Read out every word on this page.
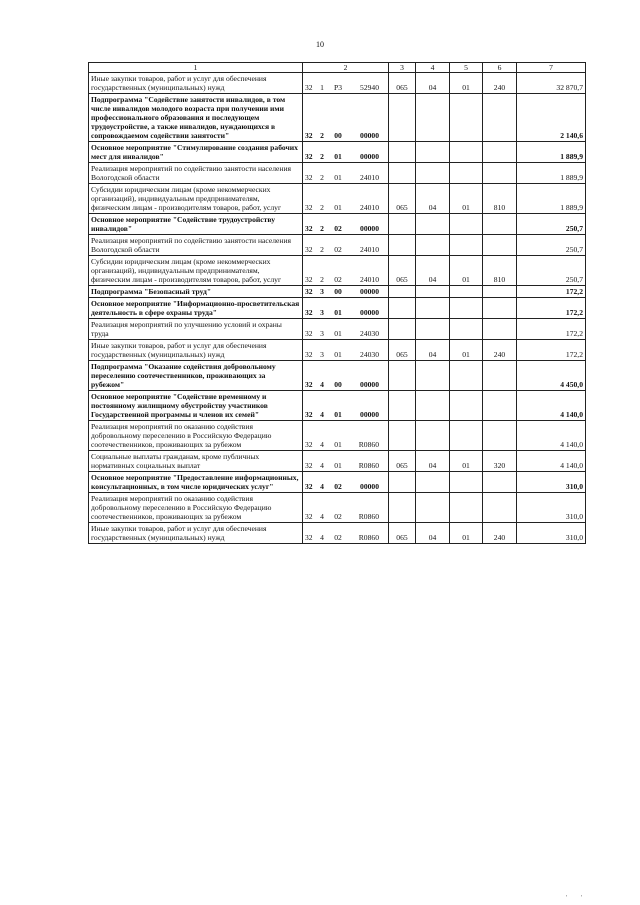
10
1	2	3	4	5	6	7
Иные закупки товаров, работ и услуг для обеспечения государственных (муниципальных) нужд	32 1 P3 52940	065	04	01	240	32 870,7
Подпрограмма "Содействие занятости инвалидов, в том числе инвалидов молодого возраста при получении ими профессионального образования и последующем трудоустройстве, а также инвалидов, нуждающихся в сопровождаемом содействии занятости"	32 2 00 00000					2 140,6
Основное мероприятие "Стимулирование создания рабочих мест для инвалидов"	32 2 01 00000					1 889,9
Реализация мероприятий по содействию занятости населения Вологодской области	32 2 01 24010					1 889,9
Субсидии юридическим лицам (кроме некоммерческих организаций), индивидуальным предпринимателям, физическим лицам - производителям товаров, работ, услуг	32 2 01 24010	065	04	01	810	1 889,9
Основное мероприятие "Содействие трудоустройству инвалидов"	32 2 02 00000					250,7
Реализация мероприятий по содействию занятости населения Вологодской области	32 2 02 24010					250,7
Субсидии юридическим лицам (кроме некоммерческих организаций), индивидуальным предпринимателям, физическим лицам - производителям товаров, работ, услуг	32 2 02 24010	065	04	01	810	250,7
Подпрограмма "Безопасный труд"	32 3 00 00000					172,2
Основное мероприятие "Информационно-просветительская деятельность в сфере охраны труда"	32 3 01 00000					172,2
Реализация мероприятий по улучшению условий и охраны труда	32 3 01 24030					172,2
Иные закупки товаров, работ и услуг для обеспечения государственных (муниципальных) нужд	32 3 01 24030	065	04	01	240	172,2
Подпрограмма "Оказание содействия добровольному переселению соотечественников, проживающих за рубежом"	32 4 00 00000					4 450,0
Основное мероприятие "Содействие временному и постоянному жилищному обустройству участников Государственной программы и членов их семей"	32 4 01 00000					4 140,0
Реализация мероприятий по оказанию содействия добровольному переселению в Российскую Федерацию соотечественников, проживающих за рубежом	32 4 01 R0860					4 140,0
Социальные выплаты гражданам, кроме публичных нормативных социальных выплат	32 4 01 R0860	065	04	01	320	4 140,0
Основное мероприятие "Предоставление информационных, консультационных, в том числе юридических услуг"	32 4 02 00000					310,0
Реализация мероприятий по оказанию содействия добровольному переселению в Российскую Федерацию соотечественников, проживающих за рубежом	32 4 02 R0860					310,0
Иные закупки товаров, работ и услуг для обеспечения государственных (муниципальных) нужд	32 4 02 R0860	065	04	01	240	310,0
' '
